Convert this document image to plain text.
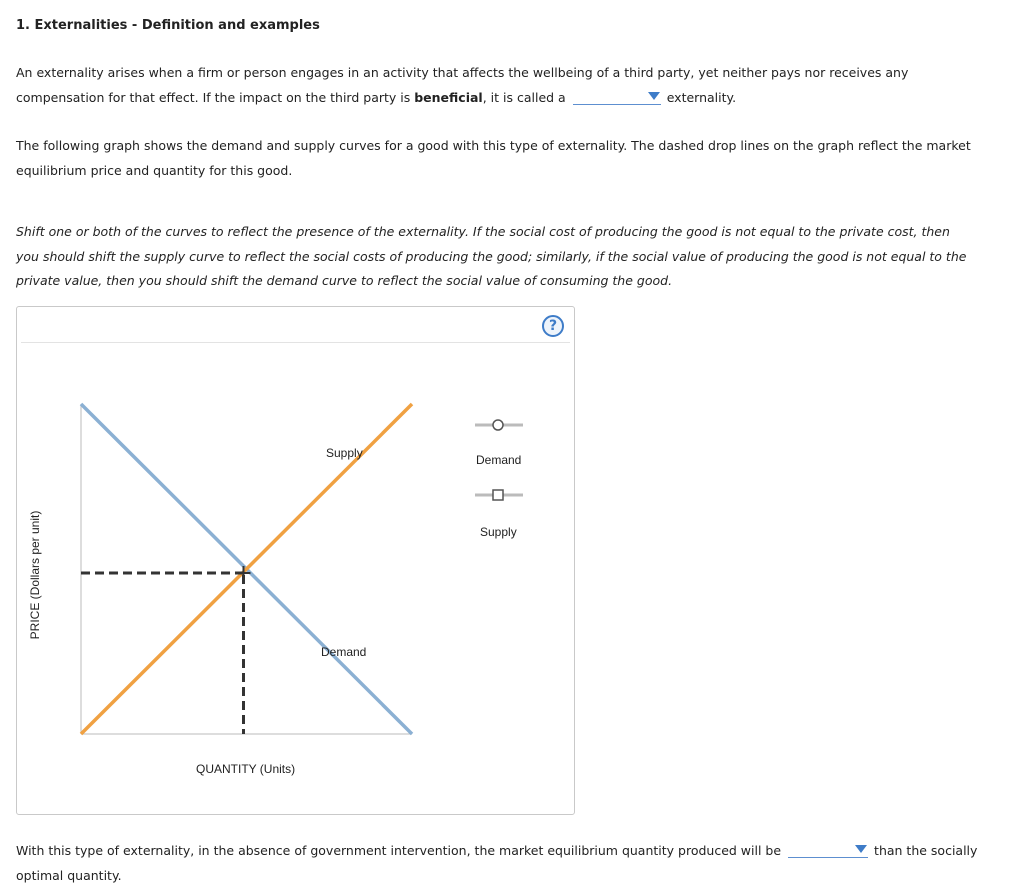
1. Externalities - Definition and examples
An externality arises when a firm or person engages in an activity that affects the wellbeing of a third party, yet neither pays nor receives any compensation for that effect. If the impact on the third party is beneficial, it is called a	externality.
The following graph shows the demand and supply curves for a good with this type of externality. The dashed drop lines on the graph reflect the market equilibrium price and quantity for this good.
Shift one or both of the curves to reflect the presence of the externality. If the social cost of producing the good is not equal to the private cost, then you should shift the supply curve to reflect the social costs of producing the good; similarly, if the social value of producing the good is not equal to the private value, then you should shift the demand curve to reflect the social value of consuming the good.
?
PRICE (Dollars per unit)
QUANTITY (Units)
Supply
Demand
Demand
Supply
With this type of externality, in the absence of government intervention, the market equilibrium quantity produced will be	than the socially optimal quantity.
